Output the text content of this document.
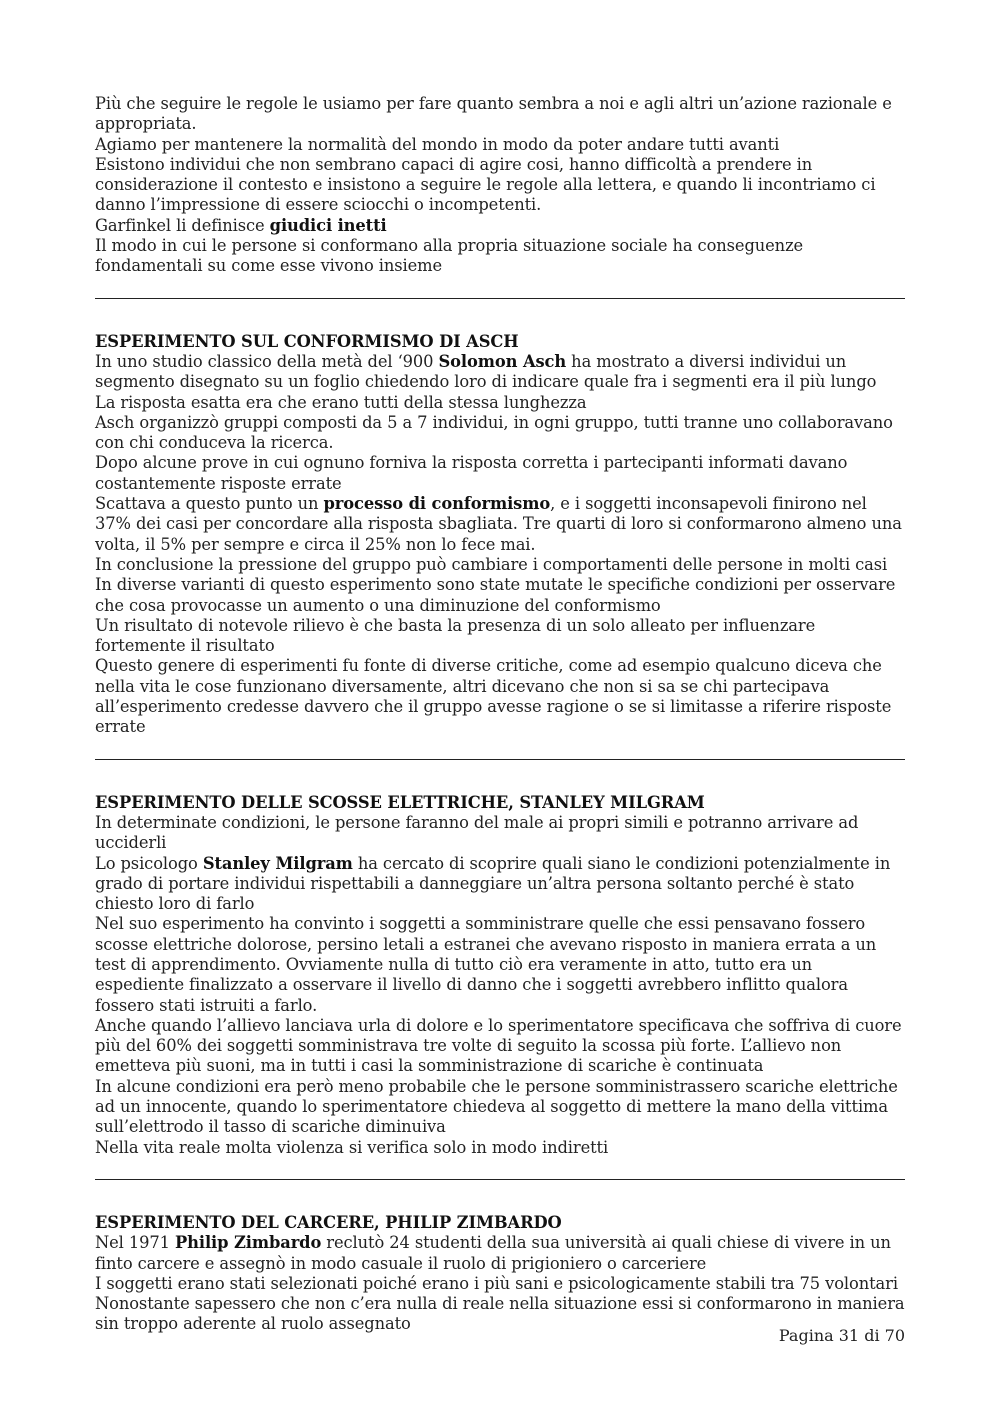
Più che seguire le regole le usiamo per fare quanto sembra a noi e agli altri un’azione razionale e appropriata.

Agiamo per mantenere la normalità del mondo in modo da poter andare tutti avanti

Esistono individui che non sembrano capaci di agire cosi, hanno difficoltà a prendere in considerazione il contesto e insistono a seguire le regole alla lettera, e quando li incontriamo ci danno l’impressione di essere sciocchi o incompetenti.

Garfinkel li definisce giudici inetti

Il modo in cui le persone si conformano alla propria situazione sociale ha conseguenze fondamentali su come esse vivono insieme

ESPERIMENTO SUL CONFORMISMO DI ASCH

In uno studio classico della metà del ‘900 Solomon Asch ha mostrato a diversi individui un segmento disegnato su un foglio chiedendo loro di indicare quale fra i segmenti era il più lungo

La risposta esatta era che erano tutti della stessa lunghezza

Asch organizzò gruppi composti da 5 a 7 individui, in ogni gruppo, tutti tranne uno collaboravano con chi conduceva la ricerca.

Dopo alcune prove in cui ognuno forniva la risposta corretta i partecipanti informati davano costantemente risposte errate

Scattava a questo punto un processo di conformismo, e i soggetti inconsapevoli finirono nel 37% dei casi per concordare alla risposta sbagliata. Tre quarti di loro si conformarono almeno una volta, il 5% per sempre e circa il 25% non lo fece mai.

In conclusione la pressione del gruppo può cambiare i comportamenti delle persone in molti casi

In diverse varianti di questo esperimento sono state mutate le specifiche condizioni per osservare che cosa provocasse un aumento o una diminuzione del conformismo

Un risultato di notevole rilievo è che basta la presenza di un solo alleato per influenzare fortemente il risultato

Questo genere di esperimenti fu fonte di diverse critiche, come ad esempio qualcuno diceva che nella vita le cose funzionano diversamente, altri dicevano che non si sa se chi partecipava all’esperimento credesse davvero che il gruppo avesse ragione o se si limitasse a riferire risposte errate

ESPERIMENTO DELLE SCOSSE ELETTRICHE, STANLEY MILGRAM

In determinate condizioni, le persone faranno del male ai propri simili e potranno arrivare ad ucciderli

Lo psicologo Stanley Milgram ha cercato di scoprire quali siano le condizioni potenzialmente in grado di portare individui rispettabili a danneggiare un’altra persona soltanto perché è stato chiesto loro di farlo

Nel suo esperimento ha convinto i soggetti a somministrare quelle che essi pensavano fossero scosse elettriche dolorose, persino letali a estranei che avevano risposto in maniera errata a un test di apprendimento. Ovviamente nulla di tutto ciò era veramente in atto, tutto era un espediente finalizzato a osservare il livello di danno che i soggetti avrebbero inflitto qualora fossero stati istruiti a farlo.

Anche quando l’allievo lanciava urla di dolore e lo sperimentatore specificava che soffriva di cuore più del 60% dei soggetti somministrava tre volte di seguito la scossa più forte. L’allievo non emetteva più suoni, ma in tutti i casi la somministrazione di scariche è continuata

In alcune condizioni era però meno probabile che le persone somministrassero scariche elettriche ad un innocente, quando lo sperimentatore chiedeva al soggetto di mettere la mano della vittima sull’elettrodo il tasso di scariche diminuiva

Nella vita reale molta violenza si verifica solo in modo indiretti

ESPERIMENTO DEL CARCERE, PHILIP ZIMBARDO

Nel 1971 Philip Zimbardo reclutò 24 studenti della sua università ai quali chiese di vivere in un finto carcere e assegnò in modo casuale il ruolo di prigioniero o carceriere

I soggetti erano stati selezionati poiché erano i più sani e psicologicamente stabili tra 75 volontari

Nonostante sapessero che non c’era nulla di reale nella situazione essi si conformarono in maniera sin troppo aderente al ruolo assegnato

Pagina 31 di 70
